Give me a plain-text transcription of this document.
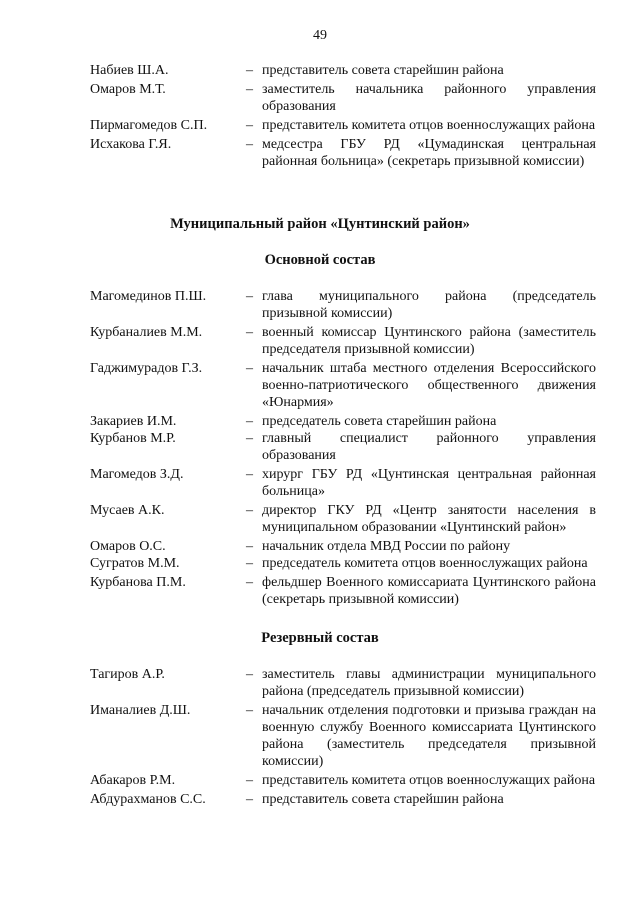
49
Набиев Ш.А.	– представитель совета старейшин района
Омаров М.Т.	– заместитель начальника районного управления образования
Пирмагомедов С.П.	– представитель комитета отцов военнослужащих района
Исхакова Г.Я.	– медсестра ГБУ РД «Цумадинская центральная районная больница» (секретарь призывной комиссии)
Муниципальный район «Цунтинский район»
Основной состав
Магомединов П.Ш.	– глава муниципального района (председатель призывной комиссии)
Курбаналиев М.М.	– военный комиссар Цунтинского района (заместитель председателя призывной комиссии)
Гаджимурадов Г.З.	– начальник штаба местного отделения Всероссийского военно-патриотического общественного движения «Юнармия»
Закариев И.М.	– председатель совета старейшин района
Курбанов М.Р.	– главный специалист районного управления образования
Магомедов З.Д.	– хирург ГБУ РД «Цунтинская центральная районная больница»
Мусаев А.К.	– директор ГКУ РД «Центр занятости населения в муниципальном образовании «Цунтинский район»
Омаров О.С.	– начальник отдела МВД России по району
Сугратов М.М.	– председатель комитета отцов военнослужащих района
Курбанова П.М.	– фельдшер Военного комиссариата Цунтинского района (секретарь призывной комиссии)
Резервный состав
Тагиров А.Р.	– заместитель главы администрации муниципального района (председатель призывной комиссии)
Иманалиев Д.Ш.	– начальник отделения подготовки и призыва граждан на военную службу Военного комиссариата Цунтинского района (заместитель председателя призывной комиссии)
Абакаров Р.М.	– представитель комитета отцов военнослужащих района
Абдурахманов С.С.	– представитель совета старейшин района
